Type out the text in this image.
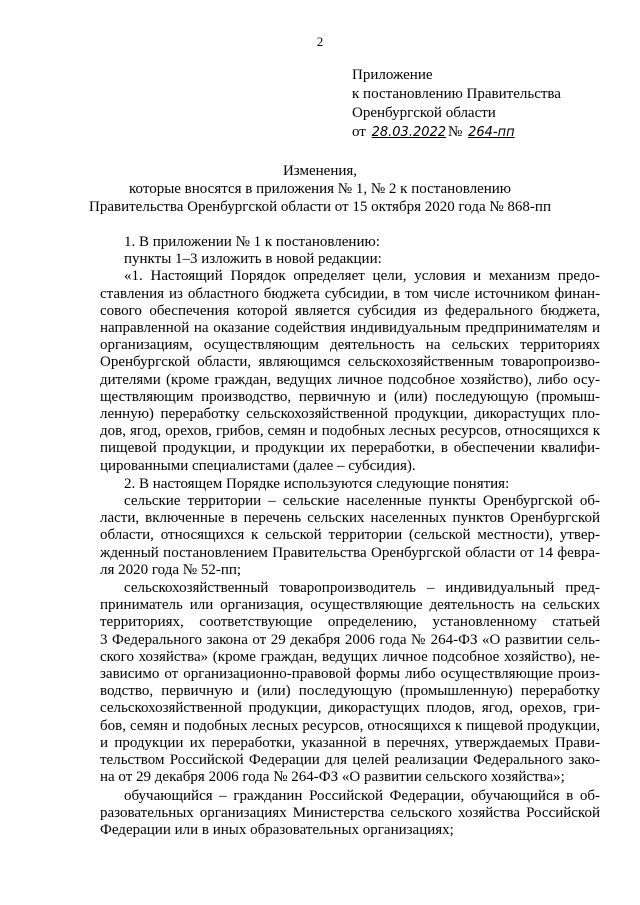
2
Приложение
к постановлению Правительства
Оренбургской области
от 28.03.2022 № 264-пп
Изменения,
которые вносятся в приложения № 1, № 2 к постановлению
Правительства Оренбургской области от 15 октября 2020 года № 868-пп
1. В приложении № 1 к постановлению:
пункты 1–3 изложить в новой редакции:
«1. Настоящий Порядок определяет цели, условия и механизм предо-
ставления из областного бюджета субсидии, в том числе источником финан-
сового обеспечения которой является субсидия из федерального бюджета,
направленной на оказание содействия индивидуальным предпринимателям и
организациям, осуществляющим деятельность на сельских территориях
Оренбургской области, являющимся сельскохозяйственным товаропроизво-
дителями (кроме граждан, ведущих личное подсобное хозяйство), либо осу-
ществляющим производство, первичную и (или) последующую (промыш-
ленную) переработку сельскохозяйственной продукции, дикорастущих пло-
дов, ягод, орехов, грибов, семян и подобных лесных ресурсов, относящихся к
пищевой продукции, и продукции их переработки, в обеспечении квалифи-
цированными специалистами (далее – субсидия).
2. В настоящем Порядке используются следующие понятия:
сельские территории – сельские населенные пункты Оренбургской об-
ласти, включенные в перечень сельских населенных пунктов Оренбургской
области, относящихся к сельской территории (сельской местности), утвер-
жденный постановлением Правительства Оренбургской области от 14 февра-
ля 2020 года № 52-пп;
сельскохозяйственный товаропроизводитель – индивидуальный пред-
приниматель или организация, осуществляющие деятельность на сельских
территориях, соответствующие определению, установленному статьей
3 Федерального закона от 29 декабря 2006 года № 264-ФЗ «О развитии сель-
ского хозяйства» (кроме граждан, ведущих личное подсобное хозяйство), не-
зависимо от организационно-правовой формы либо осуществляющие произ-
водство, первичную и (или) последующую (промышленную) переработку
сельскохозяйственной продукции, дикорастущих плодов, ягод, орехов, гри-
бов, семян и подобных лесных ресурсов, относящихся к пищевой продукции,
и продукции их переработки, указанной в перечнях, утверждаемых Прави-
тельством Российской Федерации для целей реализации Федерального зако-
на от 29 декабря 2006 года № 264-ФЗ «О развитии сельского хозяйства»;
обучающийся – гражданин Российской Федерации, обучающийся в об-
разовательных организациях Министерства сельского хозяйства Российской
Федерации или в иных образовательных организациях;
